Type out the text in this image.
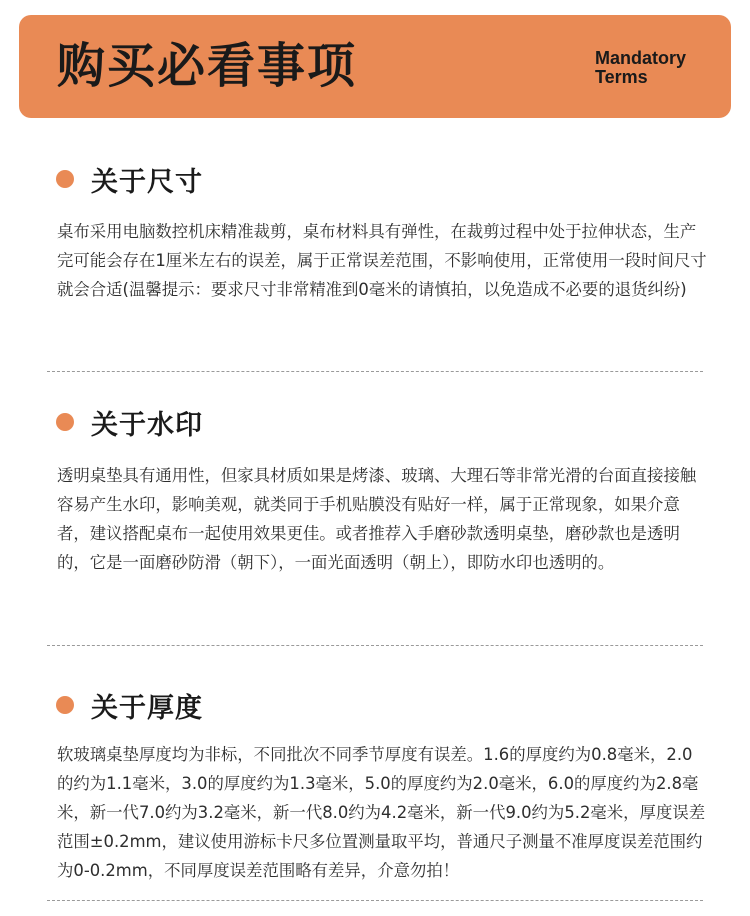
购买必看事项	Mandatory
Terms
关于尺寸

桌布采用电脑数控机床精准裁剪，桌布材料具有弹性，在裁剪过程中处于拉伸状态，生产完可能会存在1厘米左右的误差，属于正常误差范围，不影响使用，正常使用一段时间尺寸就会合适(温馨提示：要求尺寸非常精准到0毫米的请慎拍，以免造成不必要的退货纠纷)

关于水印

透明桌垫具有通用性，但家具材质如果是烤漆、玻璃、大理石等非常光滑的台面直接接触容易产生水印，影响美观，就类同于手机贴膜没有贴好一样，属于正常现象，如果介意者，建议搭配桌布一起使用效果更佳。或者推荐入手磨砂款透明桌垫，磨砂款也是透明的，它是一面磨砂防滑（朝下），一面光面透明（朝上），即防水印也透明的。

关于厚度

软玻璃桌垫厚度均为非标，不同批次不同季节厚度有误差。1.6的厚度约为0.8毫米，2.0的约为1.1毫米，3.0的厚度约为1.3毫米，5.0的厚度约为2.0毫米，6.0的厚度约为2.8毫米，新一代7.0约为3.2毫米，新一代8.0约为4.2毫米，新一代9.0约为5.2毫米，厚度误差范围±0.2mm，建议使用游标卡尺多位置测量取平均，普通尺子测量不准厚度误差范围约为0-0.2mm，不同厚度误差范围略有差异，介意勿拍！
